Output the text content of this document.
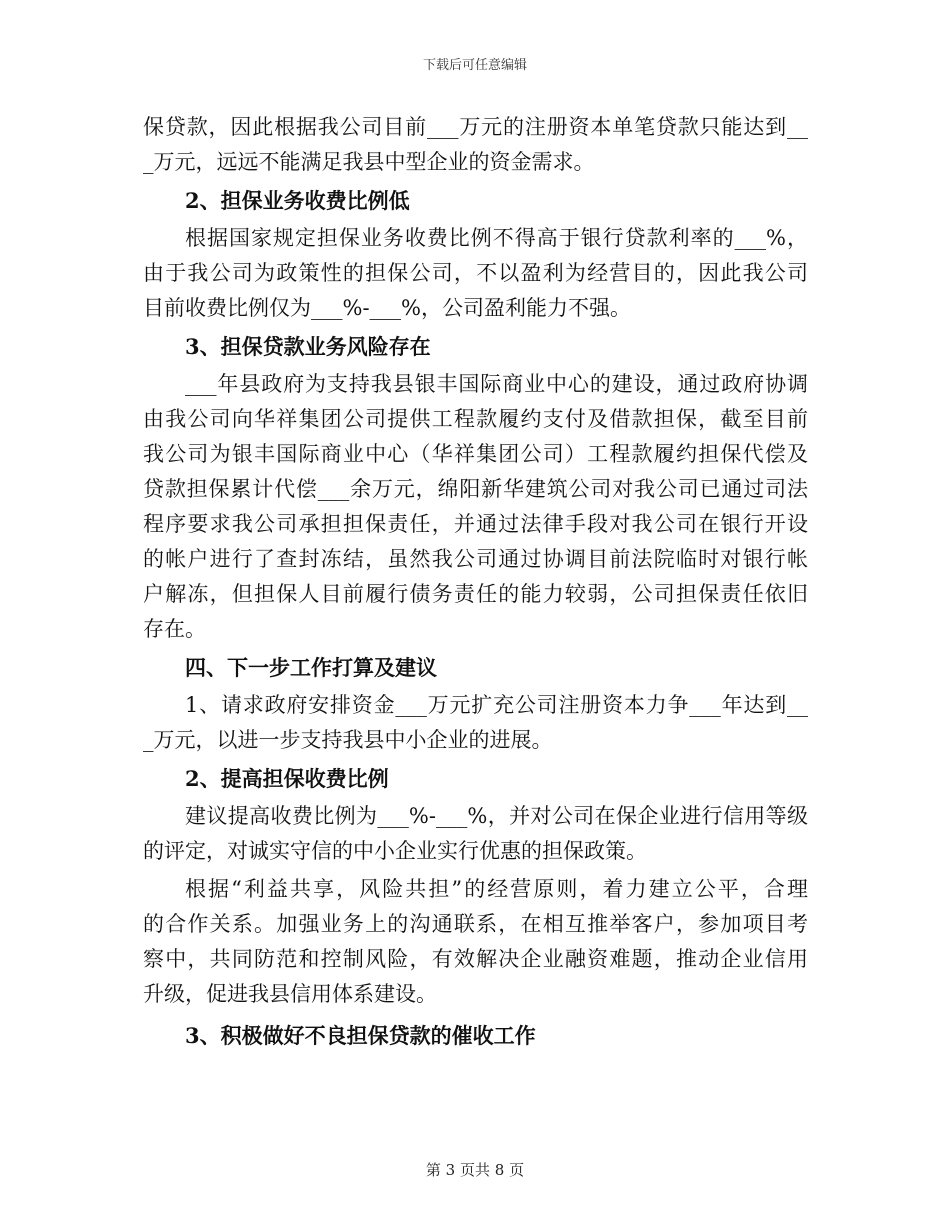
下载后可任意编辑
保贷款，因此根据我公司目前___万元的注册资本单笔贷款只能达到__
_万元，远远不能满足我县中型企业的资金需求。
2、担保业务收费比例低
根据国家规定担保业务收费比例不得高于银行贷款利率的___%，
由于我公司为政策性的担保公司，不以盈利为经营目的，因此我公司
目前收费比例仅为___%-___%，公司盈利能力不强。
3、担保贷款业务风险存在
___年县政府为支持我县银丰国际商业中心的建设，通过政府协调
由我公司向华祥集团公司提供工程款履约支付及借款担保，截至目前
我公司为银丰国际商业中心（华祥集团公司）工程款履约担保代偿及
贷款担保累计代偿___余万元，绵阳新华建筑公司对我公司已通过司法
程序要求我公司承担担保责任，并通过法律手段对我公司在银行开设
的帐户进行了查封冻结，虽然我公司通过协调目前法院临时对银行帐
户解冻，但担保人目前履行债务责任的能力较弱，公司担保责任依旧
存在。
四、下一步工作打算及建议
1、请求政府安排资金___万元扩充公司注册资本力争___年达到__
_万元，以进一步支持我县中小企业的进展。
2、提高担保收费比例
建议提高收费比例为___%-___%，并对公司在保企业进行信用等级
的评定，对诚实守信的中小企业实行优惠的担保政策。
根据“利益共享，风险共担”的经营原则，着力建立公平，合理
的合作关系。加强业务上的沟通联系，在相互推举客户，参加项目考
察中，共同防范和控制风险，有效解决企业融资难题，推动企业信用
升级，促进我县信用体系建设。
3、积极做好不良担保贷款的催收工作
第 3 页共 8 页
